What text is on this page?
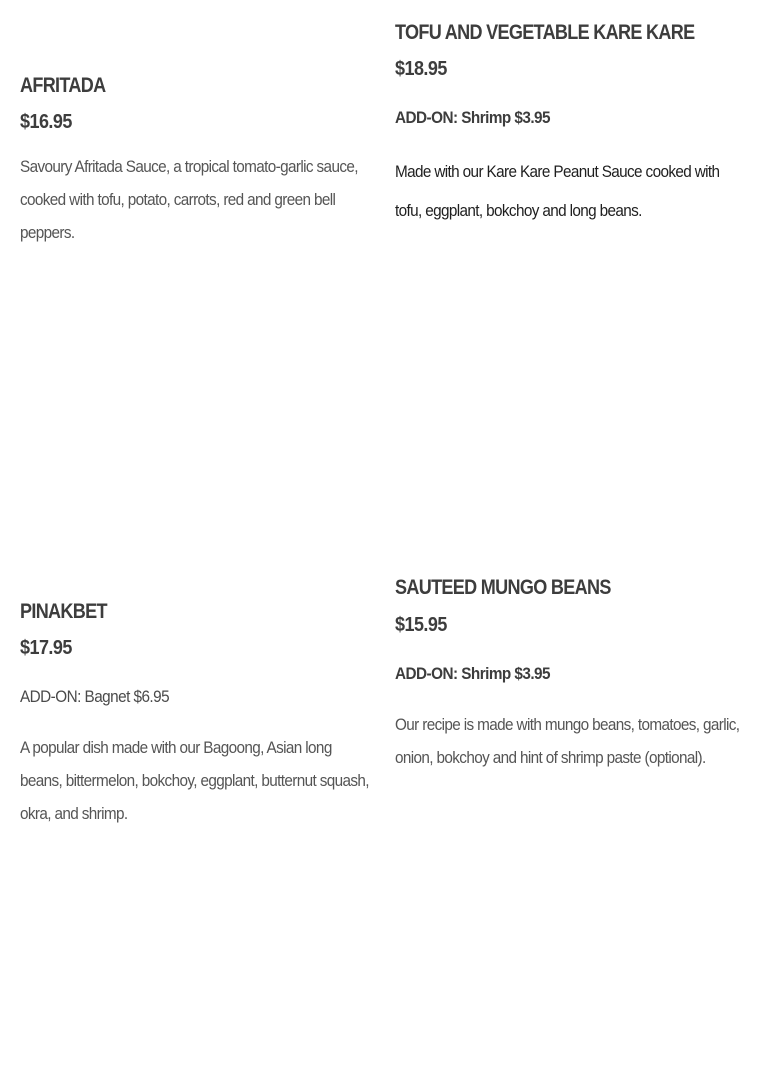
AFRITADA

$16.95

Savoury Afritada Sauce, a tropical tomato-garlic sauce, cooked with tofu, potato, carrots, red and green bell peppers.

TOFU AND VEGETABLE KARE KARE

$18.95

ADD-ON: Shrimp $3.95

Made with our Kare Kare Peanut Sauce cooked with tofu, eggplant, bokchoy and long beans.

PINAKBET

$17.95

ADD-ON: Bagnet $6.95

A popular dish made with our Bagoong, Asian long beans, bittermelon, bokchoy, eggplant, butternut squash, okra, and shrimp.

SAUTEED MUNGO BEANS

$15.95

ADD-ON: Shrimp $3.95

Our recipe is made with mungo beans, tomatoes, garlic, onion, bokchoy and hint of shrimp paste (optional).
